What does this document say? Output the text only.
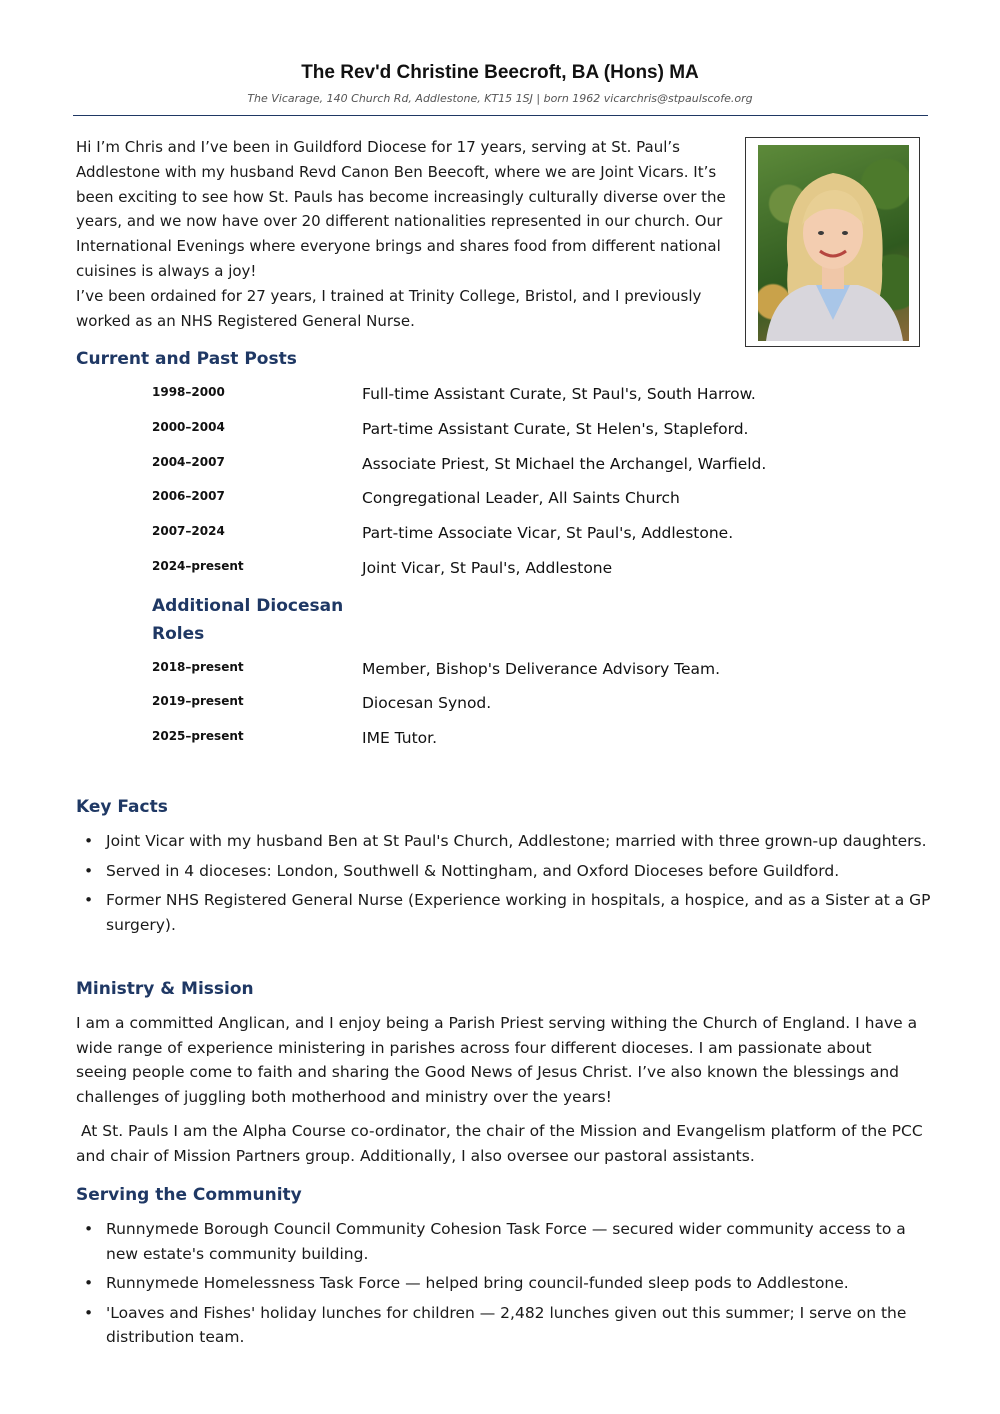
The Rev'd Christine Beecroft, BA (Hons) MA
The Vicarage, 140 Church Rd, Addlestone, KT15 1SJ | born 1962 vicarchris@stpaulscofe.org

Hi I’m Chris and I’ve been in Guildford Diocese for 17 years, serving at St. Paul’s Addlestone with my husband Revd Canon Ben Beecoft, where we are Joint Vicars. It’s been exciting to see how St. Pauls has become increasingly culturally diverse over the years, and we now have over 20 different nationalities represented in our church. Our International Evenings where everyone brings and shares food from different national cuisines is always a joy!
I’ve been ordained for 27 years, I trained at Trinity College, Bristol, and I previously worked as an NHS Registered General Nurse.

Current and Past Posts
1998–2000	Full-time Assistant Curate, St Paul's, South Harrow.
2000–2004	Part-time Assistant Curate, St Helen's, Stapleford.
2004–2007	Associate Priest, St Michael the Archangel, Warfield.
2006–2007	Congregational Leader, All Saints Church
2007–2024	Part-time Associate Vicar, St Paul's, Addlestone.
2024–present	Joint Vicar, St Paul's, Addlestone
Additional Diocesan Roles
2018–present	Member, Bishop's Deliverance Advisory Team.
2019–present	Diocesan Synod.
2025–present	IME Tutor.
Key Facts
• Joint Vicar with my husband Ben at St Paul's Church, Addlestone; married with three grown-up daughters.
• Served in 4 dioceses: London, Southwell & Nottingham, and Oxford Dioceses before Guildford.
• Former NHS Registered General Nurse (Experience working in hospitals, a hospice, and as a Sister at a GP surgery).
Ministry & Mission

I am a committed Anglican, and I enjoy being a Parish Priest serving withing the Church of England. I have a wide range of experience ministering in parishes across four different dioceses. I am passionate about seeing people come to faith and sharing the Good News of Jesus Christ. I’ve also known the blessings and challenges of juggling both motherhood and ministry over the years!

At St. Pauls I am the Alpha Course co-ordinator, the chair of the Mission and Evangelism platform of the PCC and chair of Mission Partners group. Additionally, I also oversee our pastoral assistants.

Serving the Community
• Runnymede Borough Council Community Cohesion Task Force — secured wider community access to a new estate's community building.
• Runnymede Homelessness Task Force — helped bring council-funded sleep pods to Addlestone.
• 'Loaves and Fishes' holiday lunches for children — 2,482 lunches given out this summer; I serve on the distribution team.
